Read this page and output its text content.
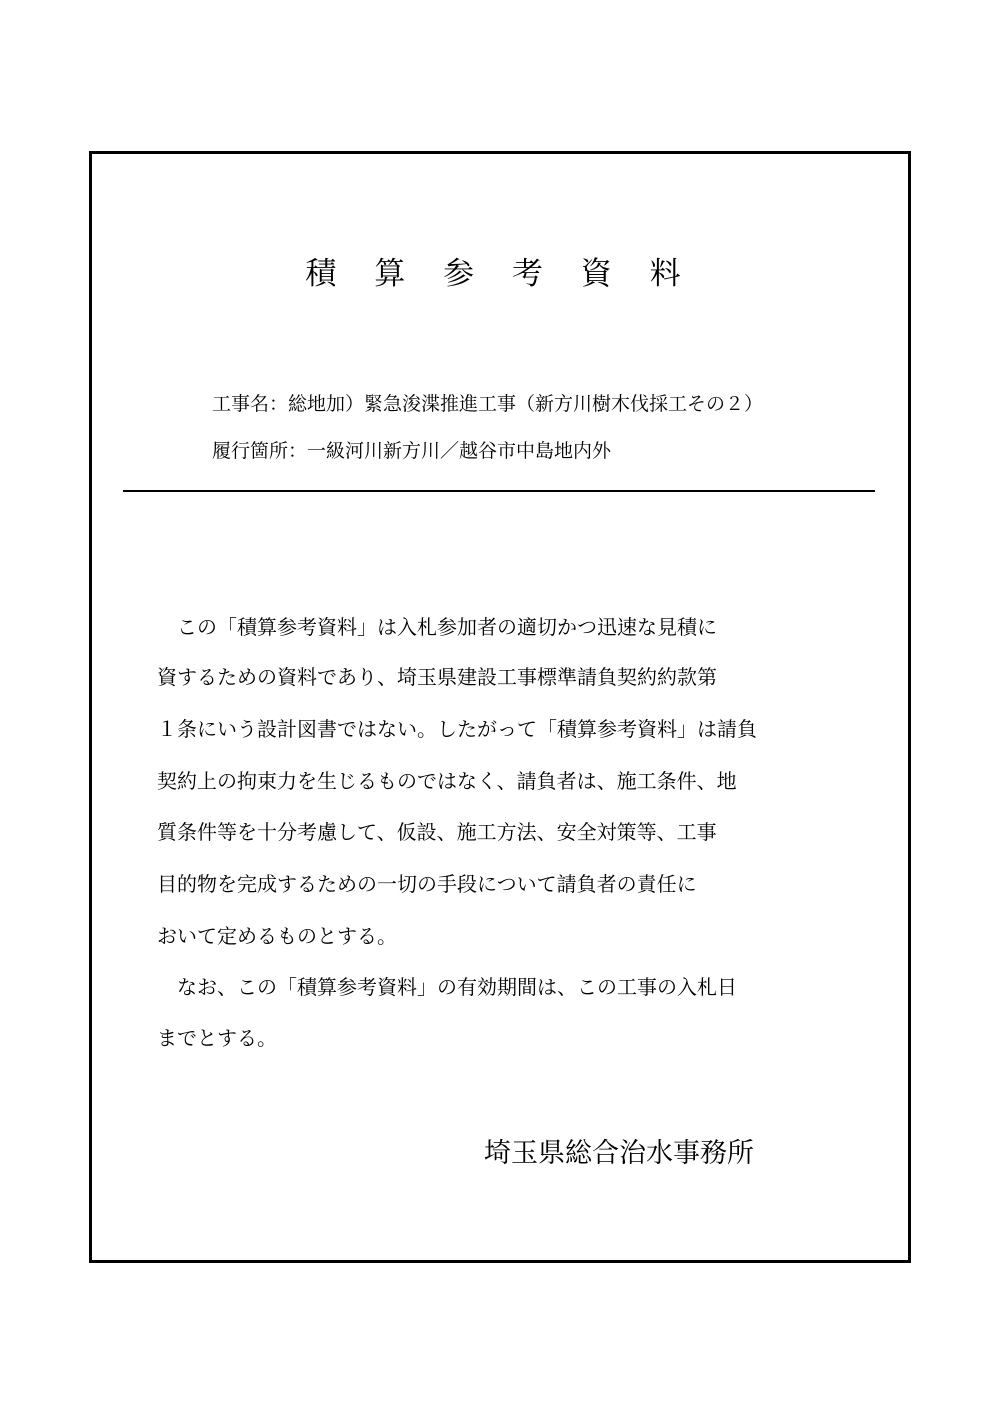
積 算 参 考 資 料
工事名：総地加）緊急浚渫推進工事（新方川樹木伐採工その２）
履行箇所：一級河川新方川／越谷市中島地内外
　この「積算参考資料」は入札参加者の適切かつ迅速な見積に
資するための資料であり、埼玉県建設工事標準請負契約約款第
１条にいう設計図書ではない。したがって「積算参考資料」は請負
契約上の拘束力を生じるものではなく、請負者は、施工条件、地
質条件等を十分考慮して、仮設、施工方法、安全対策等、工事
目的物を完成するための一切の手段について請負者の責任に
おいて定めるものとする。
　なお、この「積算参考資料」の有効期間は、この工事の入札日
までとする。
埼玉県総合治水事務所
